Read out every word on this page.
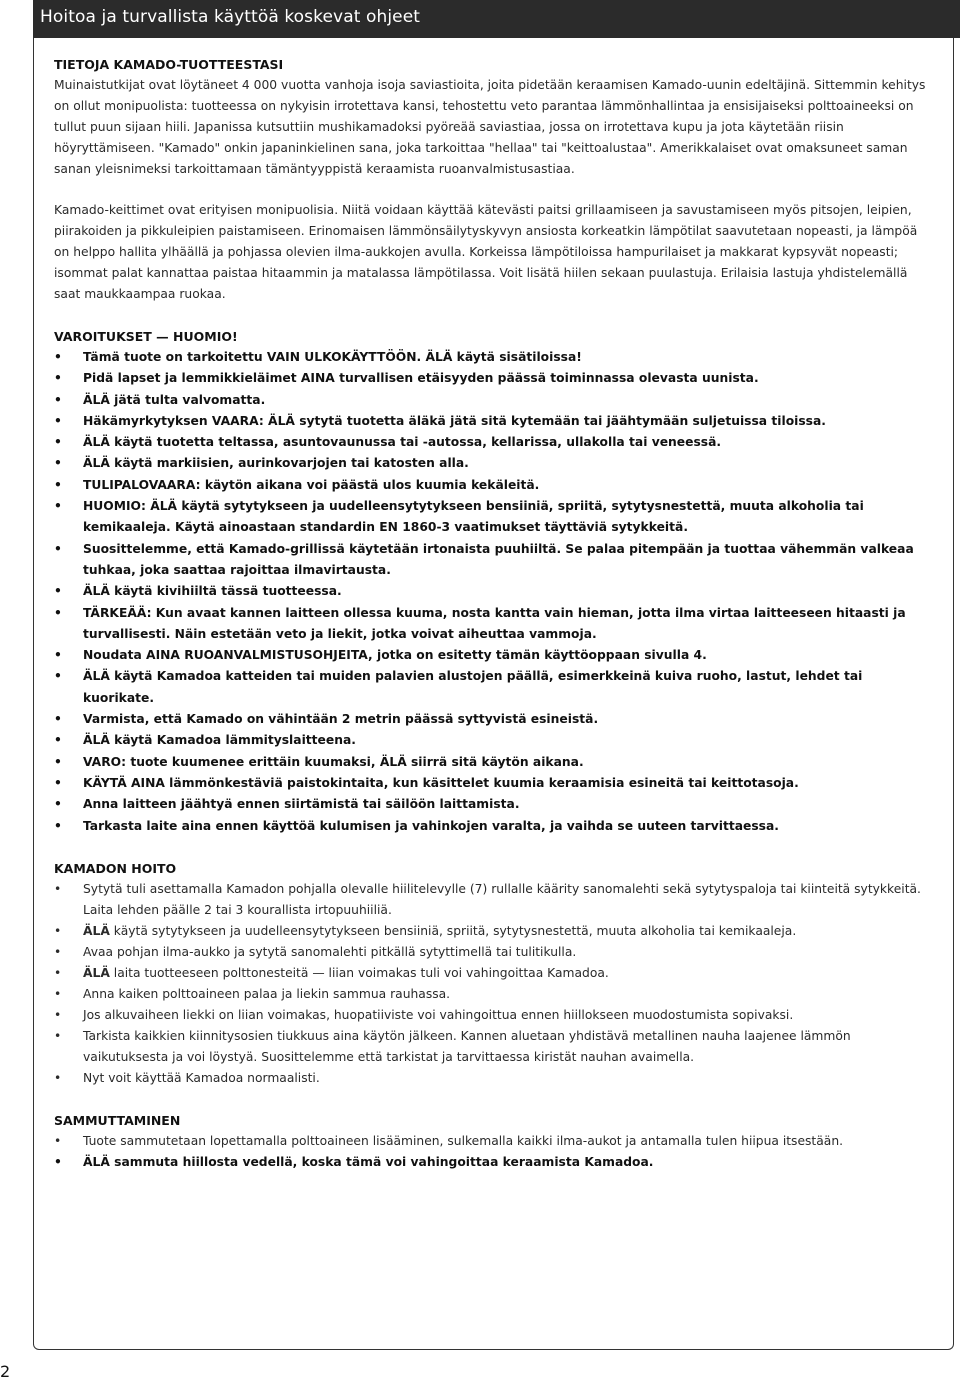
Hoitoa ja turvallista käyttöä koskevat ohjeet
TIETOJA KAMADO-TUOTTEESTASI

Muinaistutkijat ovat löytäneet 4 000 vuotta vanhoja isoja saviastioita, joita pidetään keraamisen Kamado-uunin edeltäjinä. Sittemmin kehitys on ollut monipuolista: tuotteessa on nykyisin irrotettava kansi, tehostettu veto parantaa lämmönhallintaa ja ensisijaiseksi polttoaineeksi on tullut puun sijaan hiili. Japanissa kutsuttiin mushikamadoksi pyöreää saviastiaa, jossa on irrotettava kupu ja jota käytetään riisin höyryttämiseen. "Kamado" onkin japaninkielinen sana, joka tarkoittaa "hellaa" tai "keittoalustaa". Amerikkalaiset ovat omaksuneet saman sanan yleisnimeksi tarkoittamaan tämäntyyppistä keraamista ruoanvalmistusastiaa.

Kamado-keittimet ovat erityisen monipuolisia. Niitä voidaan käyttää kätevästi paitsi grillaamiseen ja savustamiseen myös pitsojen, leipien, piirakoiden ja pikkuleipien paistamiseen. Erinomaisen lämmönsäilytyskyvyn ansiosta korkeatkin lämpötilat saavutetaan nopeasti, ja lämpöä on helppo hallita ylhäällä ja pohjassa olevien ilma-aukkojen avulla. Korkeissa lämpötiloissa hampurilaiset ja makkarat kypsyvät nopeasti; isommat palat kannattaa paistaa hitaammin ja matalassa lämpötilassa. Voit lisätä hiilen sekaan puulastuja. Erilaisia lastuja yhdistelemällä saat maukkaampaa ruokaa.

VAROITUKSET — HUOMIO!
• Tämä tuote on tarkoitettu VAIN ULKOKÄYTTÖÖN. ÄLÄ käytä sisätiloissa!
• Pidä lapset ja lemmikkieläimet AINA turvallisen etäisyyden päässä toiminnassa olevasta uunista.
• ÄLÄ jätä tulta valvomatta.
• Häkämyrkytyksen VAARA: ÄLÄ sytytä tuotetta äläkä jätä sitä kytemään tai jäähtymään suljetuissa tiloissa.
• ÄLÄ käytä tuotetta teltassa, asuntovaunussa tai -autossa, kellarissa, ullakolla tai veneessä.
• ÄLÄ käytä markiisien, aurinkovarjojen tai katosten alla.
• TULIPALOVAARA: käytön aikana voi päästä ulos kuumia kekäleitä.
• HUOMIO: ÄLÄ käytä sytytykseen ja uudelleensytytykseen bensiiniä, spriitä, sytytysnestettä, muuta alkoholia tai kemikaaleja. Käytä ainoastaan standardin EN 1860-3 vaatimukset täyttäviä sytykkeitä.
• Suosittelemme, että Kamado-grillissä käytetään irtonaista puuhiiltä. Se palaa pitempään ja tuottaa vähemmän valkeaa tuhkaa, joka saattaa rajoittaa ilmavirtausta.
• ÄLÄ käytä kivihiiltä tässä tuotteessa.
• TÄRKEÄÄ: Kun avaat kannen laitteen ollessa kuuma, nosta kantta vain hieman, jotta ilma virtaa laitteeseen hitaasti ja turvallisesti. Näin estetään veto ja liekit, jotka voivat aiheuttaa vammoja.
• Noudata AINA RUOANVALMISTUSOHJEITA, jotka on esitetty tämän käyttöoppaan sivulla 4.
• ÄLÄ käytä Kamadoa katteiden tai muiden palavien alustojen päällä, esimerkkeinä kuiva ruoho, lastut, lehdet tai kuorikate.
• Varmista, että Kamado on vähintään 2 metrin päässä syttyvistä esineistä.
• ÄLÄ käytä Kamadoa lämmityslaitteena.
• VARO: tuote kuumenee erittäin kuumaksi, ÄLÄ siirrä sitä käytön aikana.
• KÄYTÄ AINA lämmönkestäviä paistokintaita, kun käsittelet kuumia keraamisia esineitä tai keittotasoja.
• Anna laitteen jäähtyä ennen siirtämistä tai säilöön laittamista.
• Tarkasta laite aina ennen käyttöä kulumisen ja vahinkojen varalta, ja vaihda se uuteen tarvittaessa.
KAMADON HOITO
• Sytytä tuli asettamalla Kamadon pohjalla olevalle hiilitelevylle (7) rullalle käärity sanomalehti sekä sytytyspaloja tai kiinteitä sytykkeitä. Laita lehden päälle 2 tai 3 kourallista irtopuuhiiliä.
• ÄLÄ käytä sytytykseen ja uudelleensytytykseen bensiiniä, spriitä, sytytysnestettä, muuta alkoholia tai kemikaaleja.
• Avaa pohjan ilma-aukko ja sytytä sanomalehti pitkällä sytyttimellä tai tulitikulla.
• ÄLÄ laita tuotteeseen polttonesteitä — liian voimakas tuli voi vahingoittaa Kamadoa.
• Anna kaiken polttoaineen palaa ja liekin sammua rauhassa.
• Jos alkuvaiheen liekki on liian voimakas, huopatiiviste voi vahingoittua ennen hiillokseen muodostumista sopivaksi.
• Tarkista kaikkien kiinnitysosien tiukkuus aina käytön jälkeen. Kannen aluetaan yhdistävä metallinen nauha laajenee lämmön vaikutuksesta ja voi löystyä. Suosittelemme että tarkistat ja tarvittaessa kiristät nauhan avaimella.
• Nyt voit käyttää Kamadoa normaalisti.
SAMMUTTAMINEN
• Tuote sammutetaan lopettamalla polttoaineen lisääminen, sulkemalla kaikki ilma-aukot ja antamalla tulen hiipua itsestään.
• ÄLÄ sammuta hiillosta vedellä, koska tämä voi vahingoittaa keraamista Kamadoa.
2
